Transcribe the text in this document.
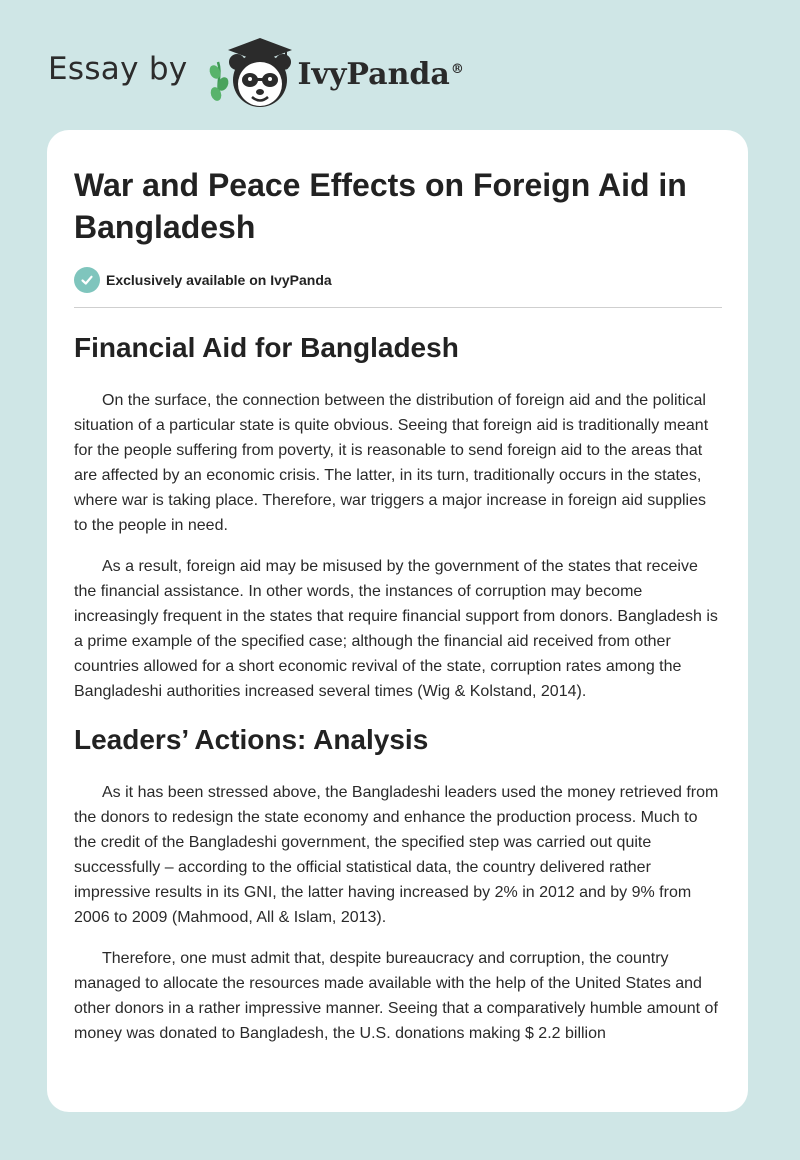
Essay by	IvyPanda®
War and Peace Effects on Foreign Aid in Bangladesh
Exclusively available on IvyPanda
Financial Aid for Bangladesh

On the surface, the connection between the distribution of foreign aid and the political situation of a particular state is quite obvious. Seeing that foreign aid is traditionally meant for the people suffering from poverty, it is reasonable to send foreign aid to the areas that are affected by an economic crisis. The latter, in its turn, traditionally occurs in the states, where war is taking place. Therefore, war triggers a major increase in foreign aid supplies to the people in need.

As a result, foreign aid may be misused by the government of the states that receive the financial assistance. In other words, the instances of corruption may become increasingly frequent in the states that require financial support from donors. Bangladesh is a prime example of the specified case; although the financial aid received from other countries allowed for a short economic revival of the state, corruption rates among the Bangladeshi authorities increased several times (Wig & Kolstand, 2014).

Leaders’ Actions: Analysis

As it has been stressed above, the Bangladeshi leaders used the money retrieved from the donors to redesign the state economy and enhance the production process. Much to the credit of the Bangladeshi government, the specified step was carried out quite successfully – according to the official statistical data, the country delivered rather impressive results in its GNI, the latter having increased by 2% in 2012 and by 9% from 2006 to 2009 (Mahmood, All & Islam, 2013).

Therefore, one must admit that, despite bureaucracy and corruption, the country managed to allocate the resources made available with the help of the United States and other donors in a rather impressive manner. Seeing that a comparatively humble amount of money was donated to Bangladesh, the U.S. donations making $ 2.2 billion
